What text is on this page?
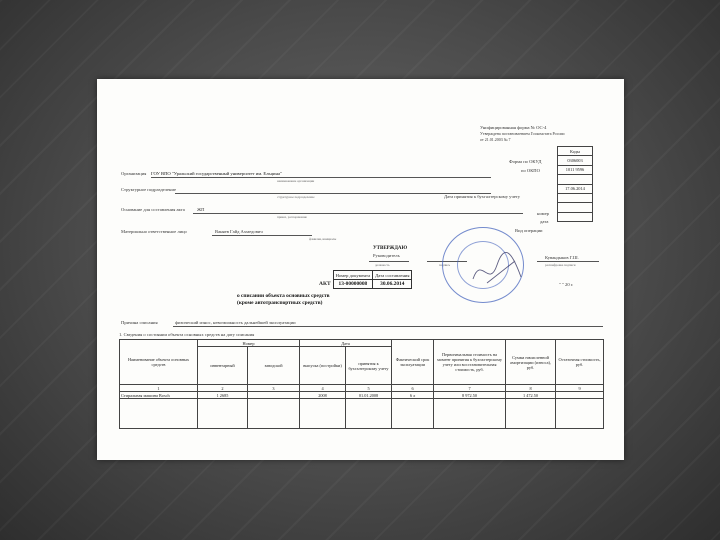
Унифицированная форма № ОС-4
Утверждена постановлением Госкомстата России
от 21.01.2003 № 7
Коды
0306003
1011 9596

17.06.2014

Форма по ОКУД
по ОКПО
Дата принятия к бухгалтерскому учету
номер
дата
Вид операции
Организация ГОУ ВПО "Уральский государственный университет им. Ельцина"
наименование организации
Структурное подразделение
структурное подразделение
Основание для составления акта	ЖП
приказ, распоряжение
Материально ответственное лицо	Ваняев Гайд Ахмедович
фамилия, инициалы
УТВЕРЖДАЮ
Руководитель
должность	подпись
Кувандыков Г.Ш.
расшифровка подписи
" " 20 г.
	Номер документа	Дата составления
АКТ	13-00000008	30.06.2014
о списании объекта основных средств
(кроме автотранспортных средств)
Причина списания	физический износ, невозможность дальнейшей эксплуатации
1. Сведения о состоянии объекта основных средств на дату списания
Наименование объекта основных средств	Номер		Дата		Фактический срок эксплуатации	Первоначальная стоимость на момент принятия к бухгалтерскому учету или восстановительная стоимость, руб.	Сумма начисленной амортизации (износа), руб.	Остаточная стоимость, руб.
	инвентарный	заводской	выпуска (постройки)	принятия к бухгалтерскому учету				
1	2	3	4	5	6	7	8	9
Стиральная машина Bosch	1 2685		2008	01.01.2008	6 л	8 972.50	1 472.50	
